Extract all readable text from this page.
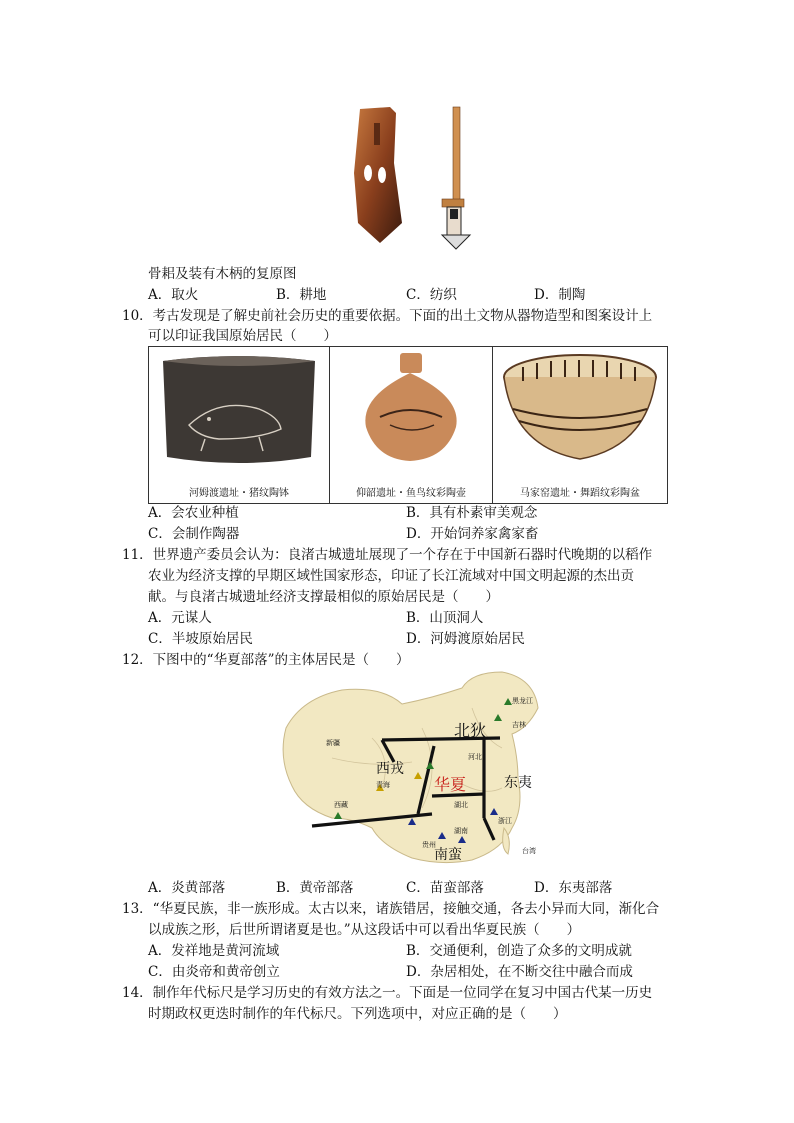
骨耜及装有木柄的复原图
A．取火	B．耕地	C．纺织	D．制陶
10．考古发现是了解史前社会历史的重要依据。下面的出土文物从器物造型和图案设计上
可以印证我国原始居民（　　）
河姆渡遗址・猪纹陶钵	仰韶遗址・鱼鸟纹彩陶壶	马家窑遗址・舞蹈纹彩陶盆
A．会农业种植	B．具有朴素审美观念
C．会制作陶器	D．开始饲养家禽家畜
11．世界遗产委员会认为：良渚古城遗址展现了一个存在于中国新石器时代晚期的以稻作
农业为经济支撑的早期区域性国家形态，印证了长江流域对中国文明起源的杰出贡
献。与良渚古城遗址经济支撑最相似的原始居民是（　　）
A．元谋人	B．山顶洞人
C．半坡原始居民	D．河姆渡原始居民
12．下图中的“华夏部落”的主体居民是（　　）
北狄
西戎
华夏	东夷
南蛮
新疆
青海
西藏
黑龙江
吉林
河北
湖北
浙江
湖南
贵州
台湾
A．炎黄部落	B．黄帝部落	C．苗蛮部落	D．东夷部落
13．“华夏民族，非一族形成。太古以来，诸族错居，接触交通，各去小异而大同，渐化合
以成族之形，后世所谓诸夏是也。”从这段话中可以看出华夏民族（　　）
A．发祥地是黄河流域	B．交通便利，创造了众多的文明成就
C．由炎帝和黄帝创立	D．杂居相处，在不断交往中融合而成
14．制作年代标尺是学习历史的有效方法之一。下面是一位同学在复习中国古代某一历史
时期政权更迭时制作的年代标尺。下列选项中，对应正确的是（　　）
